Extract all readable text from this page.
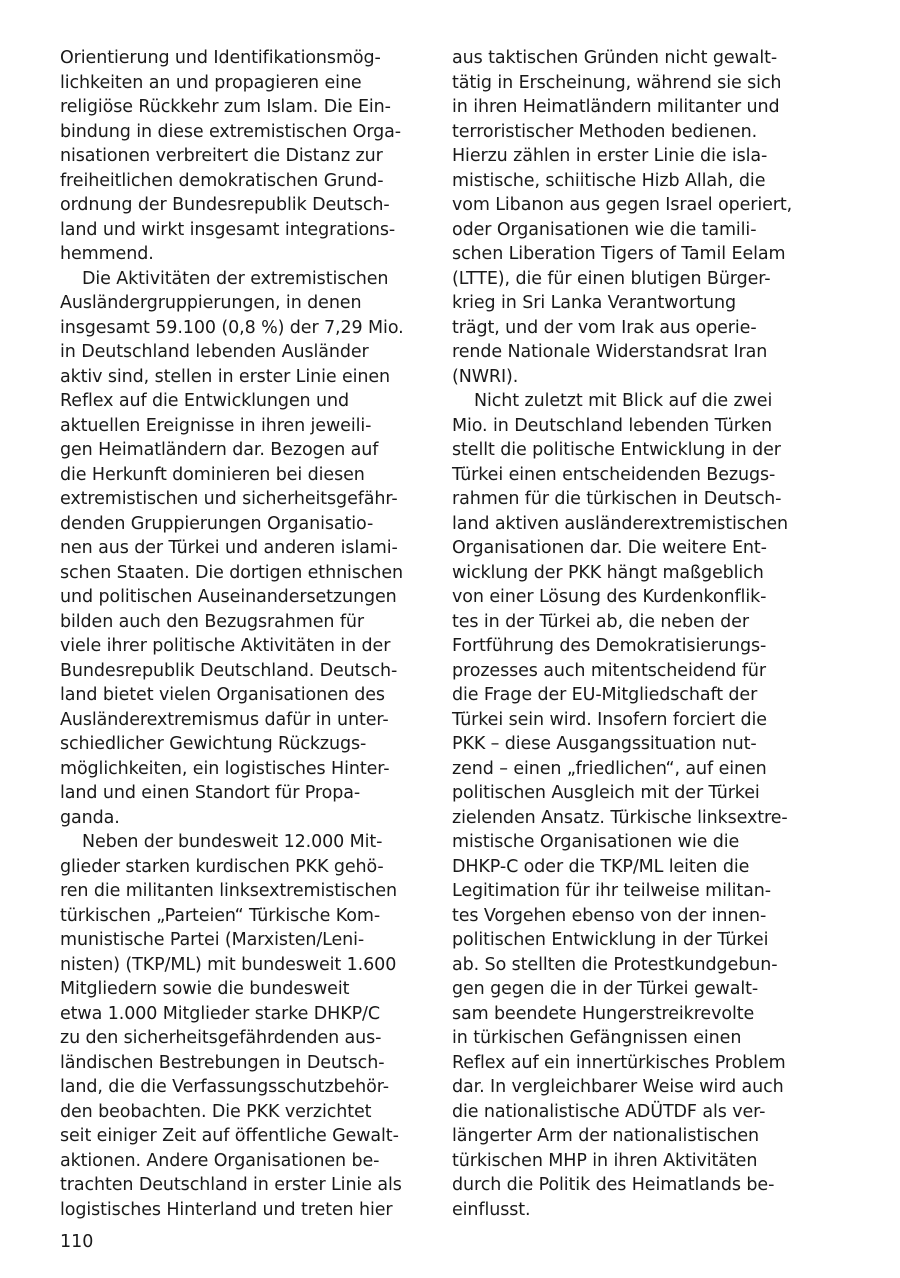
Orientierung und Identifikationsmög-
lichkeiten an und propagieren eine
religiöse Rückkehr zum Islam. Die Ein-
bindung in diese extremistischen Orga-
nisationen verbreitert die Distanz zur
freiheitlichen demokratischen Grund-
ordnung der Bundesrepublik Deutsch-
land und wirkt insgesamt integrations-
hemmend.
Die Aktivitäten der extremistischen
Ausländergruppierungen, in denen
insgesamt 59.100 (0,8 %) der 7,29 Mio.
in Deutschland lebenden Ausländer
aktiv sind, stellen in erster Linie einen
Reflex auf die Entwicklungen und
aktuellen Ereignisse in ihren jeweili-
gen Heimatländern dar. Bezogen auf
die Herkunft dominieren bei diesen
extremistischen und sicherheitsgefähr-
denden Gruppierungen Organisatio-
nen aus der Türkei und anderen islami-
schen Staaten. Die dortigen ethnischen
und politischen Auseinandersetzungen
bilden auch den Bezugsrahmen für
viele ihrer politische Aktivitäten in der
Bundesrepublik Deutschland. Deutsch-
land bietet vielen Organisationen des
Ausländerextremismus dafür in unter-
schiedlicher Gewichtung Rückzugs-
möglichkeiten, ein logistisches Hinter-
land und einen Standort für Propa-
ganda.
Neben der bundesweit 12.000 Mit-
glieder starken kurdischen PKK gehö-
ren die militanten linksextremistischen
türkischen „Parteien“ Türkische Kom-
munistische Partei (Marxisten/Leni-
nisten) (TKP/ML) mit bundesweit 1.600
Mitgliedern sowie die bundesweit
etwa 1.000 Mitglieder starke DHKP/C
zu den sicherheitsgefährdenden aus-
ländischen Bestrebungen in Deutsch-
land, die die Verfassungsschutzbehör-
den beobachten. Die PKK verzichtet
seit einiger Zeit auf öffentliche Gewalt-
aktionen. Andere Organisationen be-
trachten Deutschland in erster Linie als
logistisches Hinterland und treten hier
aus taktischen Gründen nicht gewalt-
tätig in Erscheinung, während sie sich
in ihren Heimatländern militanter und
terroristischer Methoden bedienen.
Hierzu zählen in erster Linie die isla-
mistische, schiitische Hizb Allah, die
vom Libanon aus gegen Israel operiert,
oder Organisationen wie die tamili-
schen Liberation Tigers of Tamil Eelam
(LTTE), die für einen blutigen Bürger-
krieg in Sri Lanka Verantwortung
trägt, und der vom Irak aus operie-
rende Nationale Widerstandsrat Iran
(NWRI).
Nicht zuletzt mit Blick auf die zwei
Mio. in Deutschland lebenden Türken
stellt die politische Entwicklung in der
Türkei einen entscheidenden Bezugs-
rahmen für die türkischen in Deutsch-
land aktiven ausländerextremistischen
Organisationen dar. Die weitere Ent-
wicklung der PKK hängt maßgeblich
von einer Lösung des Kurdenkonflik-
tes in der Türkei ab, die neben der
Fortführung des Demokratisierungs-
prozesses auch mitentscheidend für
die Frage der EU-Mitgliedschaft der
Türkei sein wird. Insofern forciert die
PKK – diese Ausgangssituation nut-
zend – einen „friedlichen“, auf einen
politischen Ausgleich mit der Türkei
zielenden Ansatz. Türkische linksextre-
mistische Organisationen wie die
DHKP-C oder die TKP/ML leiten die
Legitimation für ihr teilweise militan-
tes Vorgehen ebenso von der innen-
politischen Entwicklung in der Türkei
ab. So stellten die Protestkundgebun-
gen gegen die in der Türkei gewalt-
sam beendete Hungerstreikrevolte
in türkischen Gefängnissen einen
Reflex auf ein innertürkisches Problem
dar. In vergleichbarer Weise wird auch
die nationalistische ADÜTDF als ver-
längerter Arm der nationalistischen
türkischen MHP in ihren Aktivitäten
durch die Politik des Heimatlands be-
einflusst.
110
